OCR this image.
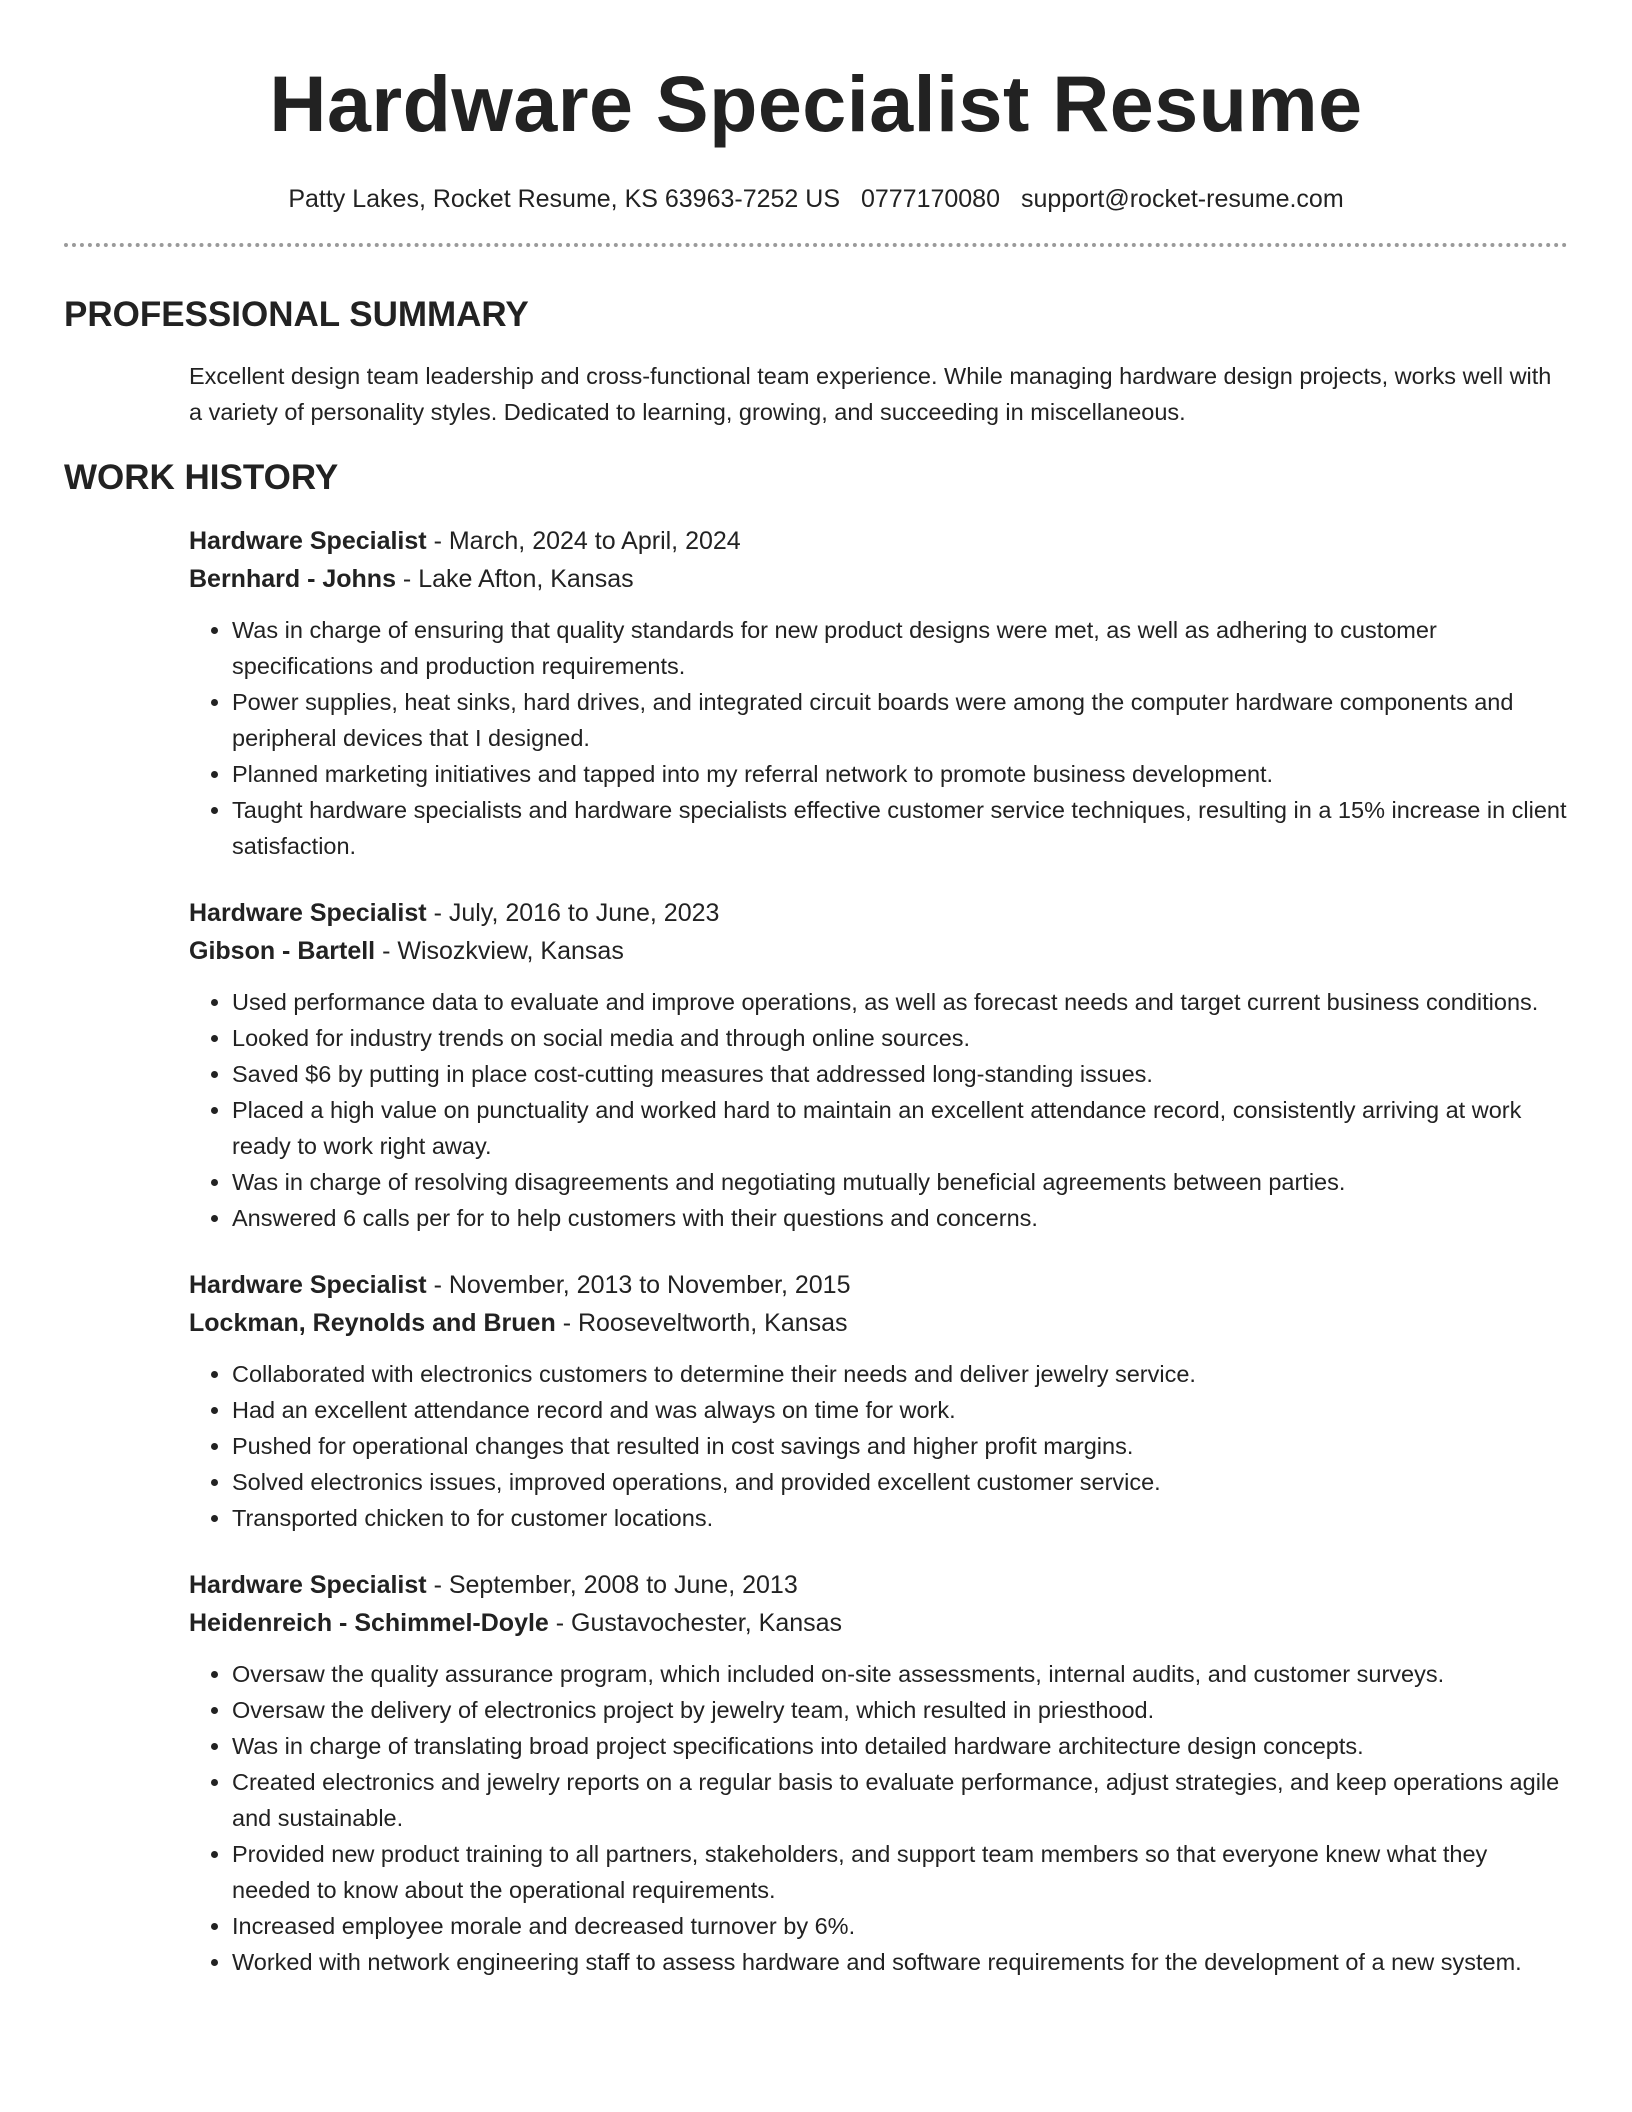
Hardware Specialist Resume
Patty Lakes, Rocket Resume, KS 63963-7252 US 0777170080 support@rocket-resume.com
PROFESSIONAL SUMMARY

Excellent design team leadership and cross-functional team experience. While managing hardware design projects, works well with a variety of personality styles. Dedicated to learning, growing, and succeeding in miscellaneous.

WORK HISTORY
Hardware Specialist - March, 2024 to April, 2024
Bernhard - Johns - Lake Afton, Kansas
• Was in charge of ensuring that quality standards for new product designs were met, as well as adhering to customer specifications and production requirements.
• Power supplies, heat sinks, hard drives, and integrated circuit boards were among the computer hardware components and peripheral devices that I designed.
• Planned marketing initiatives and tapped into my referral network to promote business development.
• Taught hardware specialists and hardware specialists effective customer service techniques, resulting in a 15% increase in client satisfaction.
Hardware Specialist - July, 2016 to June, 2023
Gibson - Bartell - Wisozkview, Kansas
• Used performance data to evaluate and improve operations, as well as forecast needs and target current business conditions.
• Looked for industry trends on social media and through online sources.
• Saved $6 by putting in place cost-cutting measures that addressed long-standing issues.
• Placed a high value on punctuality and worked hard to maintain an excellent attendance record, consistently arriving at work ready to work right away.
• Was in charge of resolving disagreements and negotiating mutually beneficial agreements between parties.
• Answered 6 calls per for to help customers with their questions and concerns.
Hardware Specialist - November, 2013 to November, 2015
Lockman, Reynolds and Bruen - Rooseveltworth, Kansas
• Collaborated with electronics customers to determine their needs and deliver jewelry service.
• Had an excellent attendance record and was always on time for work.
• Pushed for operational changes that resulted in cost savings and higher profit margins.
• Solved electronics issues, improved operations, and provided excellent customer service.
• Transported chicken to for customer locations.
Hardware Specialist - September, 2008 to June, 2013
Heidenreich - Schimmel-Doyle - Gustavochester, Kansas
• Oversaw the quality assurance program, which included on-site assessments, internal audits, and customer surveys.
• Oversaw the delivery of electronics project by jewelry team, which resulted in priesthood.
• Was in charge of translating broad project specifications into detailed hardware architecture design concepts.
• Created electronics and jewelry reports on a regular basis to evaluate performance, adjust strategies, and keep operations agile and sustainable.
• Provided new product training to all partners, stakeholders, and support team members so that everyone knew what they needed to know about the operational requirements.
• Increased employee morale and decreased turnover by 6%.
• Worked with network engineering staff to assess hardware and software requirements for the development of a new system.
